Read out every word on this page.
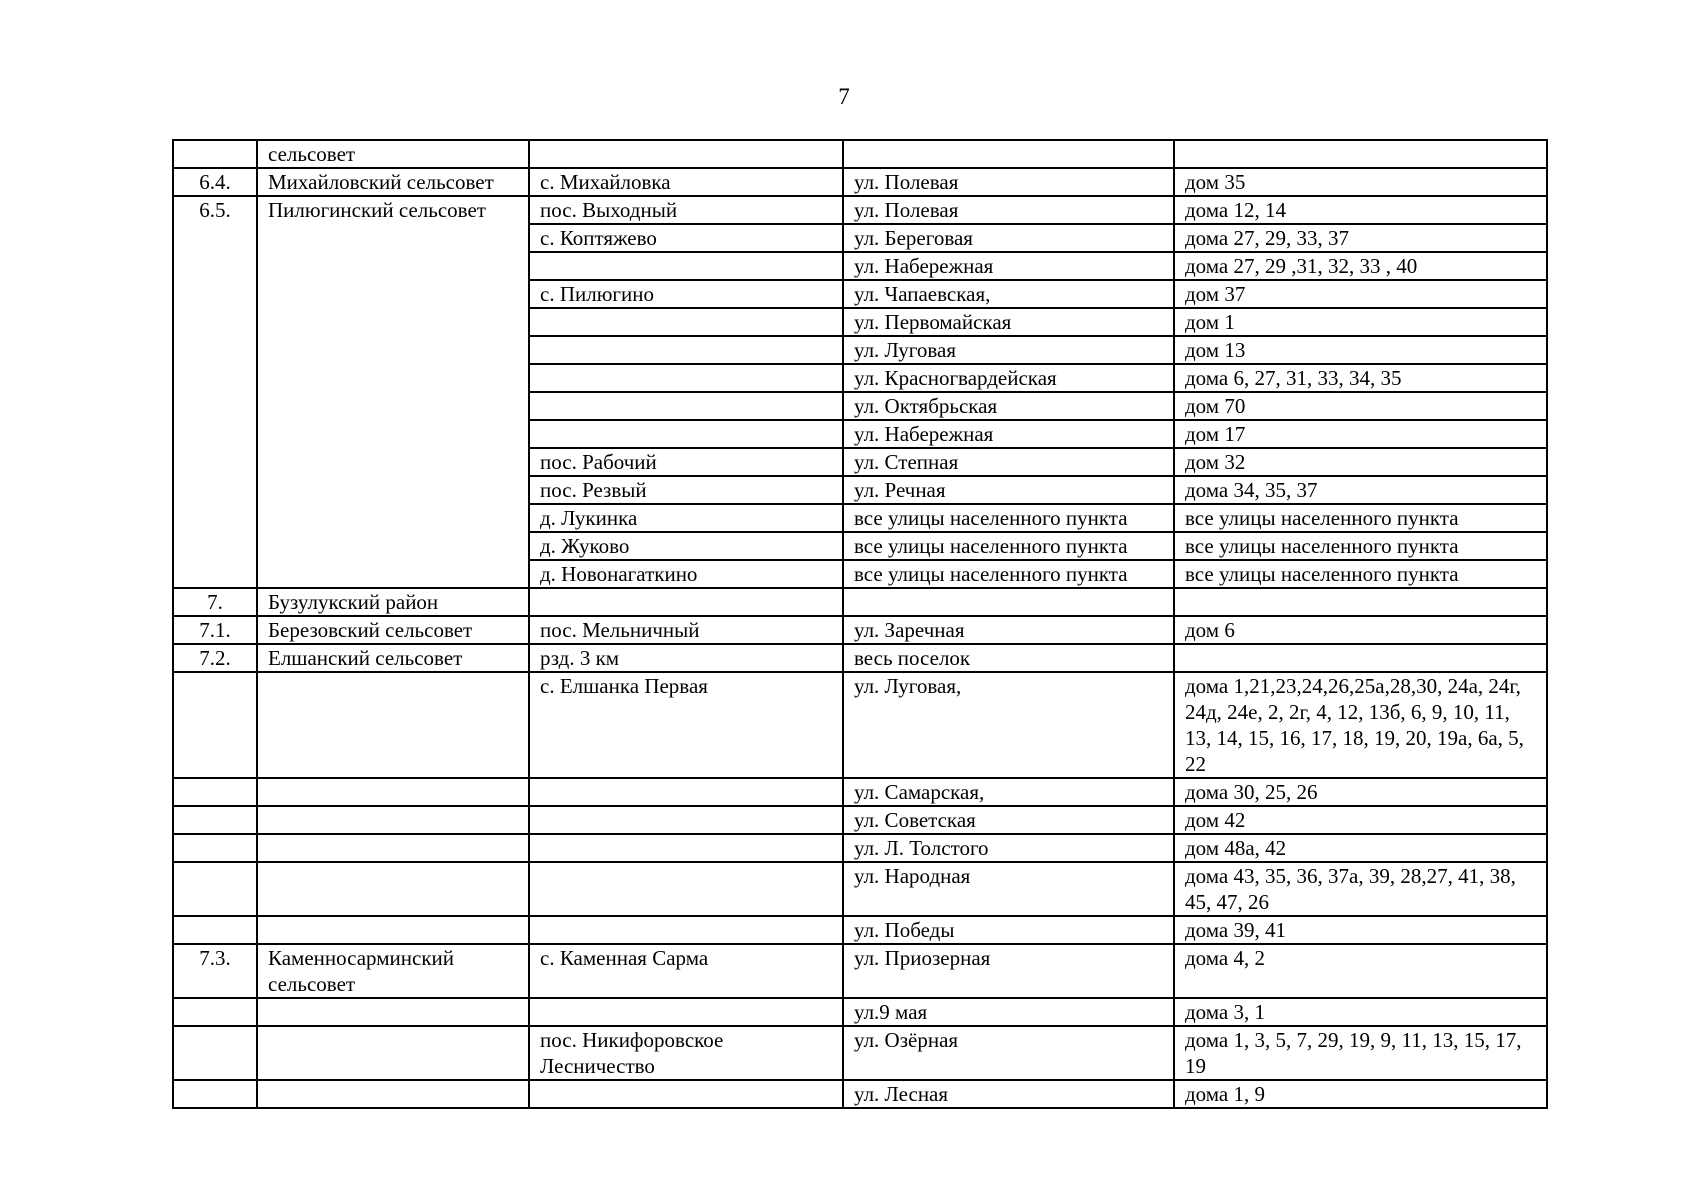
7
	сельсовет			
6.4.	Михайловский сельсовет	с. Михайловка	ул. Полевая	дом 35
6.5.	Пилюгинский сельсовет	пос. Выходный	ул. Полевая	дома 12, 14
		с. Коптяжево	ул. Береговая	дома 27, 29, 33, 37
			ул. Набережная	дома 27, 29 ,31, 32, 33 , 40
		с. Пилюгино	ул. Чапаевская,	дом 37
			ул. Первомайская	дом 1
			ул. Луговая	дом 13
			ул. Красногвардейская	дома 6, 27, 31, 33, 34, 35
			ул. Октябрьская	дом 70
			ул. Набережная	дом 17
		пос. Рабочий	ул. Степная	дом 32
		пос. Резвый	ул. Речная	дома 34, 35, 37
		д. Лукинка	все улицы населенного пункта	все улицы населенного пункта
		д. Жуково	все улицы населенного пункта	все улицы населенного пункта
		д. Новонагаткино	все улицы населенного пункта	все улицы населенного пункта
7.	Бузулукский район			
7.1.	Березовский сельсовет	пос. Мельничный	ул. Заречная	дом 6
7.2.	Елшанский сельсовет	рзд. 3 км	весь поселок	
		с. Елшанка Первая	ул. Луговая,	дома 1,21,23,24,26,25а,28,30, 24а, 24г, 24д, 24е, 2, 2г, 4, 12, 13б, 6, 9, 10, 11, 13, 14, 15, 16, 17, 18, 19, 20, 19а, 6а, 5, 22
			ул. Самарская,	дома 30, 25, 26
			ул. Советская	дом 42
			ул. Л. Толстого	дом 48а, 42
			ул. Народная	дома 43, 35, 36, 37а, 39, 28,27, 41, 38, 45, 47, 26
			ул. Победы	дома 39, 41
7.3.	Каменносарминский сельсовет	с. Каменная Сарма	ул. Приозерная	дома 4, 2
			ул.9 мая	дома 3, 1
		пос. Никифоровское Лесничество	ул. Озёрная	дома 1, 3, 5, 7, 29, 19, 9, 11, 13, 15, 17, 19
			ул. Лесная	дома 1, 9
